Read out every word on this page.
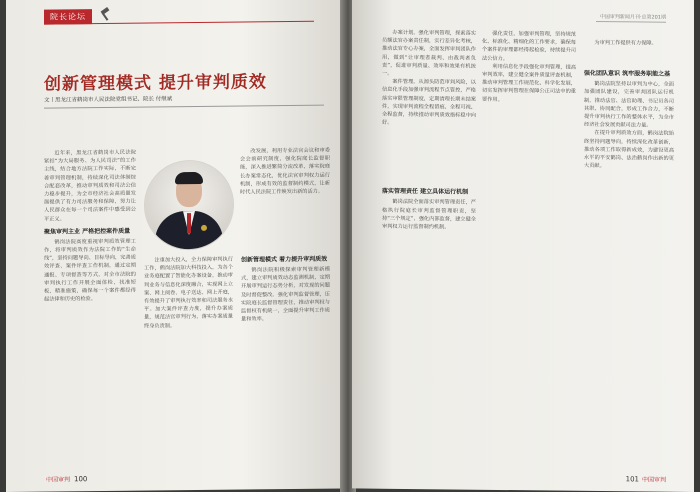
院长论坛
创新管理模式 提升审判质效
文丨黑龙江省鹤岗市人民法院党组书记、院长 付继斌

近年来，黑龙江省鹤岗市人民法院紧扣“为大局服务、为人民司法”的工作主线，结合地方法院工作实际，不断完善审判管理机制，持续深化司法体制综合配套改革，推动审判质效和司法公信力稳步提升，为全市经济社会高质量发展提供了有力司法服务和保障，努力让人民群众在每一个司法案件中感受到公平正义。

聚焦审判主业 严格把控案件质量

鹤岗法院高度重视审判质效管理工作，将审判质效作为法院工作的“生命线”，坚持问题导向、目标导向，完善质效评查、案件评查工作机制，通过定期通报、专项督查等方式，对全市法院的审判执行工作开展全面体检，找准短板，精准施策，确保每一个案件都经得起法律和历史的检验。

改发展，利用专业法官会议和审委会会前研究制度，强化院庭长监督职能，深入推进繁简分流改革，落实院庭长办案常态化，优化法官审判权力运行机制，形成有效的监督制约模式，让新时代人民法院工作焕发出新的活力。

注重加大投入，全力保障审判执行工作，鹤岗法院加大科技投入，为各个业务庭配置了智能化办案设备，推动审判业务与信息化深度融合，实现网上立案、网上阅卷、电子送达、网上开庭，有效提升了审判执行效率和司法服务水平。加大案件评查力度，提升办案质量，规范法官审判行为，落实办案质量终身负责制。

创新管理模式 着力提升审判质效

鹤岗法院积极探索审判管理新模式，建立审判质效动态监测机制，定期开展审判运行态势分析，对发现的问题及时督促整改。强化审判监督管理，压实院庭长监督管理责任，推动审判权与监督权有机统一，全面提升审判工作质量和效率。

中国审判 100
中国审判新闻月刊·总第201期

办案计划，强化审判管理，探索落实员额法官办案责任制，实行差异化考核，推动法官专心办案，全面发挥审判团队作用，做到“让审理者裁判、由裁判者负责”，促进审判质量、效率和效果有机统一。

案件管理，从源头防范审判风险，以信息化手段加强审判流程节点管控，严格落实审限管理制度，定期清理长期未结案件，实现审判流程全程留痕、全程可视、全程监督，持续推动审判质效指标稳中向好。

落实管理责任 建立具体运行机制

鹤岗法院全面落实审判管理责任，严格执行院庭长审判监督管理职责，坚持“三个规定”，强化内部监督，建立健全审判权力运行监督制约机制。

强化责任，加强审判管理，坚持规范化、标准化、精细化的工作要求，确保每个案件的审理都经得起检验，持续提升司法公信力。

利用信息化手段强化审判管理，提高审判效率，建立健全案件质量评查机制，推动审判管理工作规范化、科学化发展，切实发挥审判管理在保障公正司法中的重要作用。

为审判工作提供有力保障。

强化团队意识 筑牢服务职能之基

鹤岗法院坚持以审判为中心，全面加强团队建设，完善审判团队运行机制，推动法官、法官助理、书记员各司其职、协同配合，形成工作合力，不断提升审判执行工作的整体水平，为全市经济社会发展贡献司法力量。

在提升审判质效方面，鹤岗法院始终坚持问题导向，持续深化改革创新，推动各项工作取得新成效，为建设更高水平的平安鹤岗、法治鹤岗作出新的更大贡献。

101 中国审判
